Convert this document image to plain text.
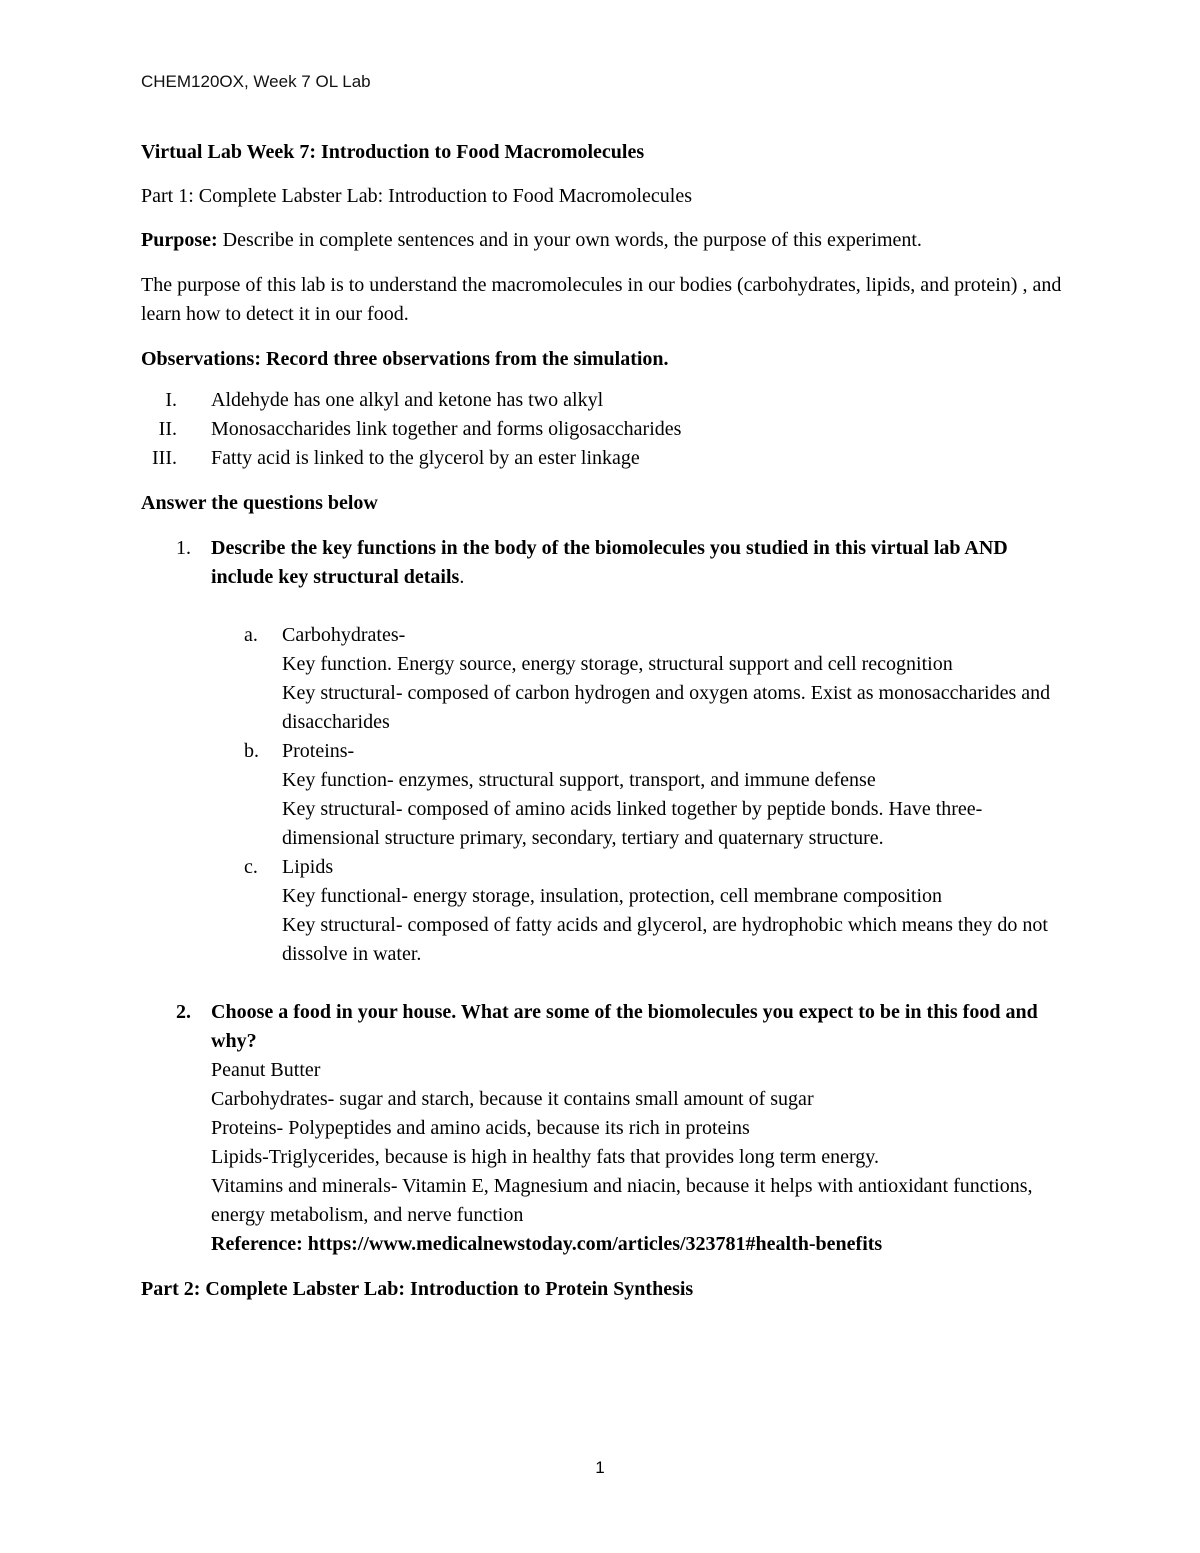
CHEM120OX, Week 7 OL Lab

Virtual Lab Week 7: Introduction to Food Macromolecules

Part 1: Complete Labster Lab: Introduction to Food Macromolecules

Purpose: Describe in complete sentences and in your own words, the purpose of this experiment.

The purpose of this lab is to understand the macromolecules in our bodies (carbohydrates, lipids, and protein) , and learn how to detect it in our food.

Observations: Record three observations from the simulation.

I. Aldehyde has one alkyl and ketone has two alkyl
II. Monosaccharides link together and forms oligosaccharides
III. Fatty acid is linked to the glycerol by an ester linkage

Answer the questions below

1. Describe the key functions in the body of the biomolecules you studied in this virtual lab AND include key structural details.
a.	Carbohydrates-
Key function. Energy source, energy storage, structural support and cell recognition
Key structural- composed of carbon hydrogen and oxygen atoms. Exist as monosaccharides and disaccharides
b. Proteins-
Key function- enzymes, structural support, transport, and immune defense
Key structural- composed of amino acids linked together by peptide bonds. Have three-dimensional structure primary, secondary, tertiary and quaternary structure.
c.	Lipids
Key functional- energy storage, insulation, protection, cell membrane composition
Key structural- composed of fatty acids and glycerol, are hydrophobic which means they do not dissolve in water.
2. Choose a food in your house. What are some of the biomolecules you expect to be in this food and why?
Peanut Butter
Carbohydrates- sugar and starch, because it contains small amount of sugar
Proteins- Polypeptides and amino acids, because its rich in proteins
Lipids-Triglycerides, because is high in healthy fats that provides long term energy.
Vitamins and minerals- Vitamin E, Magnesium and niacin, because it helps with antioxidant functions, energy metabolism, and nerve function
Reference: https://www.medicalnewstoday.com/articles/323781#health-benefits

Part 2: Complete Labster Lab: Introduction to Protein Synthesis

1
